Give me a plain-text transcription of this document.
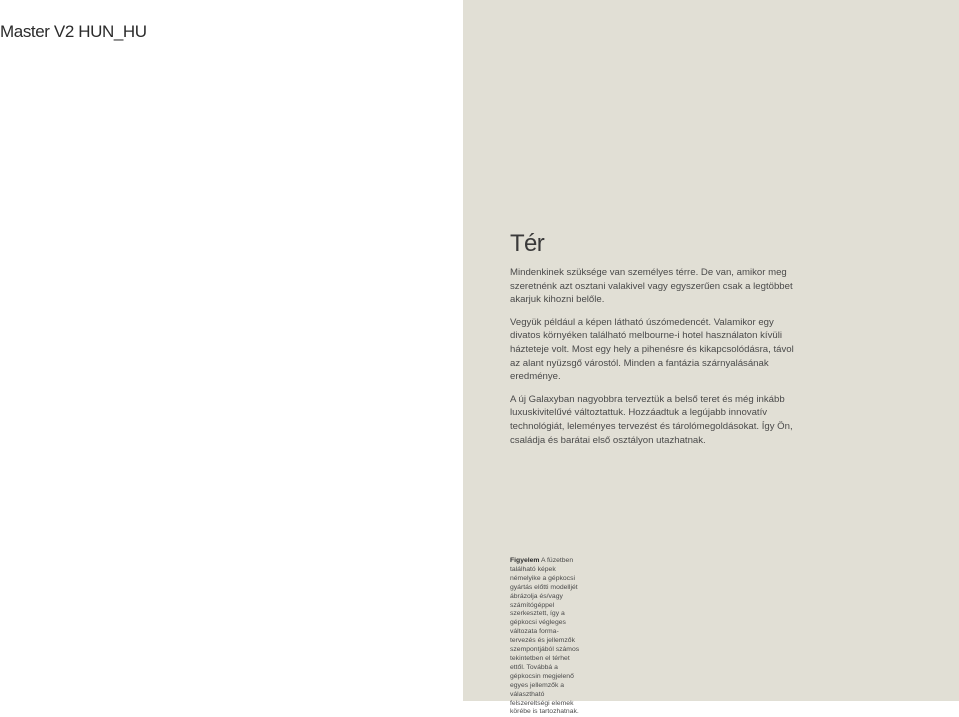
Master V2 HUN_HU
Tér

Mindenkinek szüksége van személyes térre. De van, amikor meg szeretnénk azt osztani valakivel vagy egyszerűen csak a legtöbbet akarjuk kihozni belőle.

Vegyük például a képen látható úszómedencét. Valamikor egy divatos környéken található melbourne-i hotel használaton kívüli házteteje volt. Most egy hely a pihenésre és kikapcsolódásra, távol az alant nyüzsgő várostól. Minden a fantázia szárnyalásának eredménye.

A új Galaxyban nagyobbra terveztük a belső teret és még inkább luxuskivitelűvé változtattuk. Hozzáadtuk a legújabb innovatív technológiát, leleményes tervezést és tárolómegoldásokat. Így Ön, családja és barátai első osztályon utazhatnak.

Figyelem A füzetben található képek némelyike a gépkocsi gyártás előtti modelljét ábrázolja és/vagy számítógéppel szerkesztett, így a gépkocsi végleges változata forma-tervezés és jellemzők szempontjából számos tekintetben el térhet ettől. Továbbá a gépkocsin megjelenő egyes jellemzők a választható felszereltségi elemek körébe is tartozhatnak.
